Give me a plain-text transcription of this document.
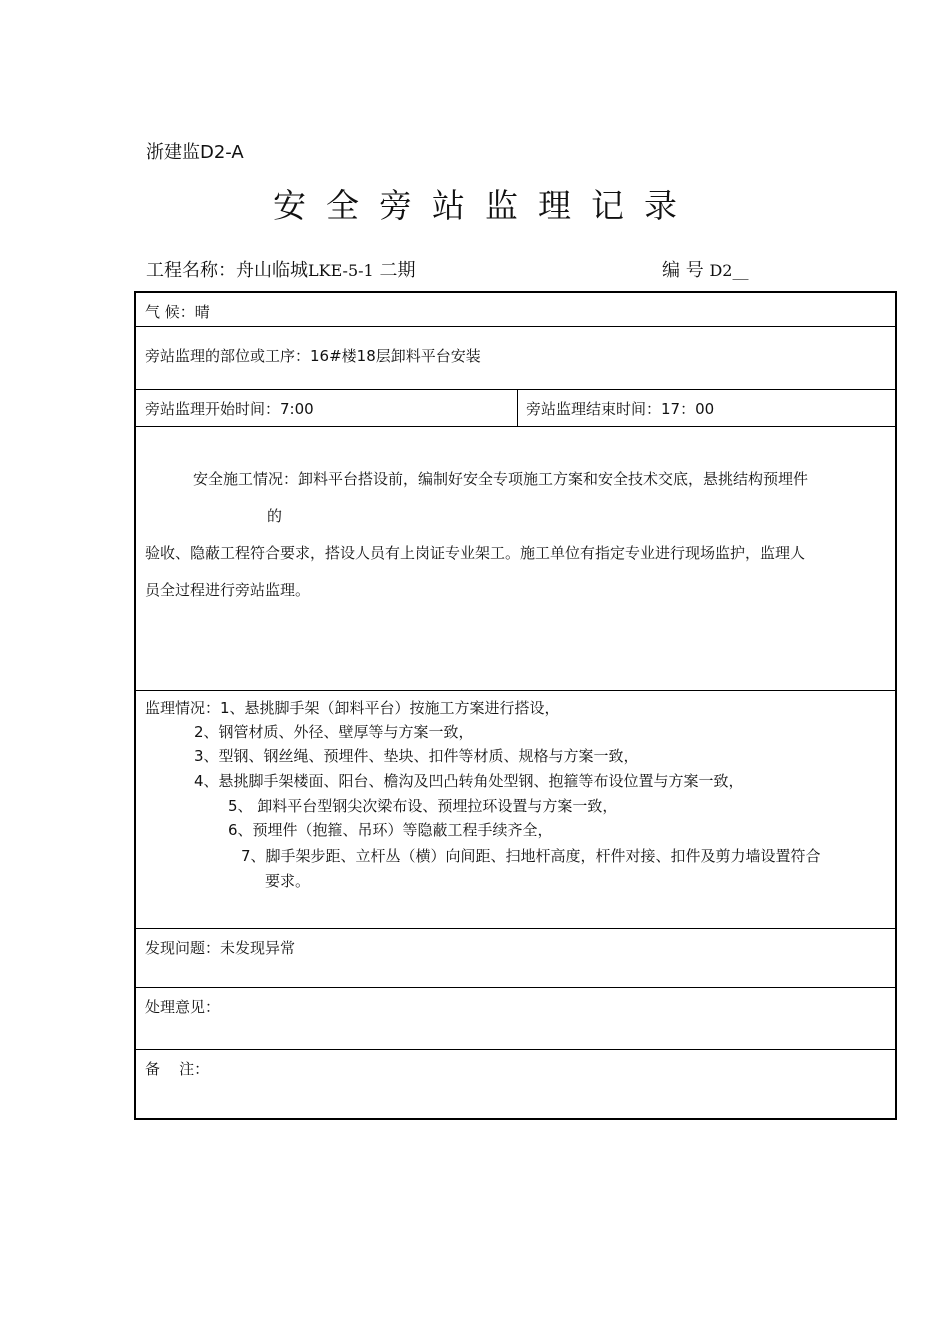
浙建监D2-A
安全旁站监理记录
工程名称：舟山临城LKE-5-1 二期	编 号 D2__
气 候：晴
旁站监理的部位或工序：16#楼18层卸料平台安装
旁站监理开始时间：7:00	旁站监理结束时间：17：00
安全施工情况：卸料平台搭设前，编制好安全专项施工方案和安全技术交底，悬挑结构预埋件
的
验收、隐蔽工程符合要求，搭设人员有上岗证专业架工。施工单位有指定专业进行现场监护，监理人
员全过程进行旁站监理。
监理情况：1、悬挑脚手架（卸料平台）按施工方案进行搭设，
2、钢管材质、外径、壁厚等与方案一致，
3、型钢、钢丝绳、预埋件、垫块、扣件等材质、规格与方案一致，
4、悬挑脚手架楼面、阳台、檐沟及凹凸转角处型钢、抱箍等布设位置与方案一致，
5、 卸料平台型钢尖次梁布设、预埋拉环设置与方案一致，
6、预埋件（抱箍、吊环）等隐蔽工程手续齐全，
7、脚手架步距、立杆丛（横）向间距、扫地杆高度，杆件对接、扣件及剪力墙设置符合
要求。
发现问题：未发现异常
处理意见：
备    注：
